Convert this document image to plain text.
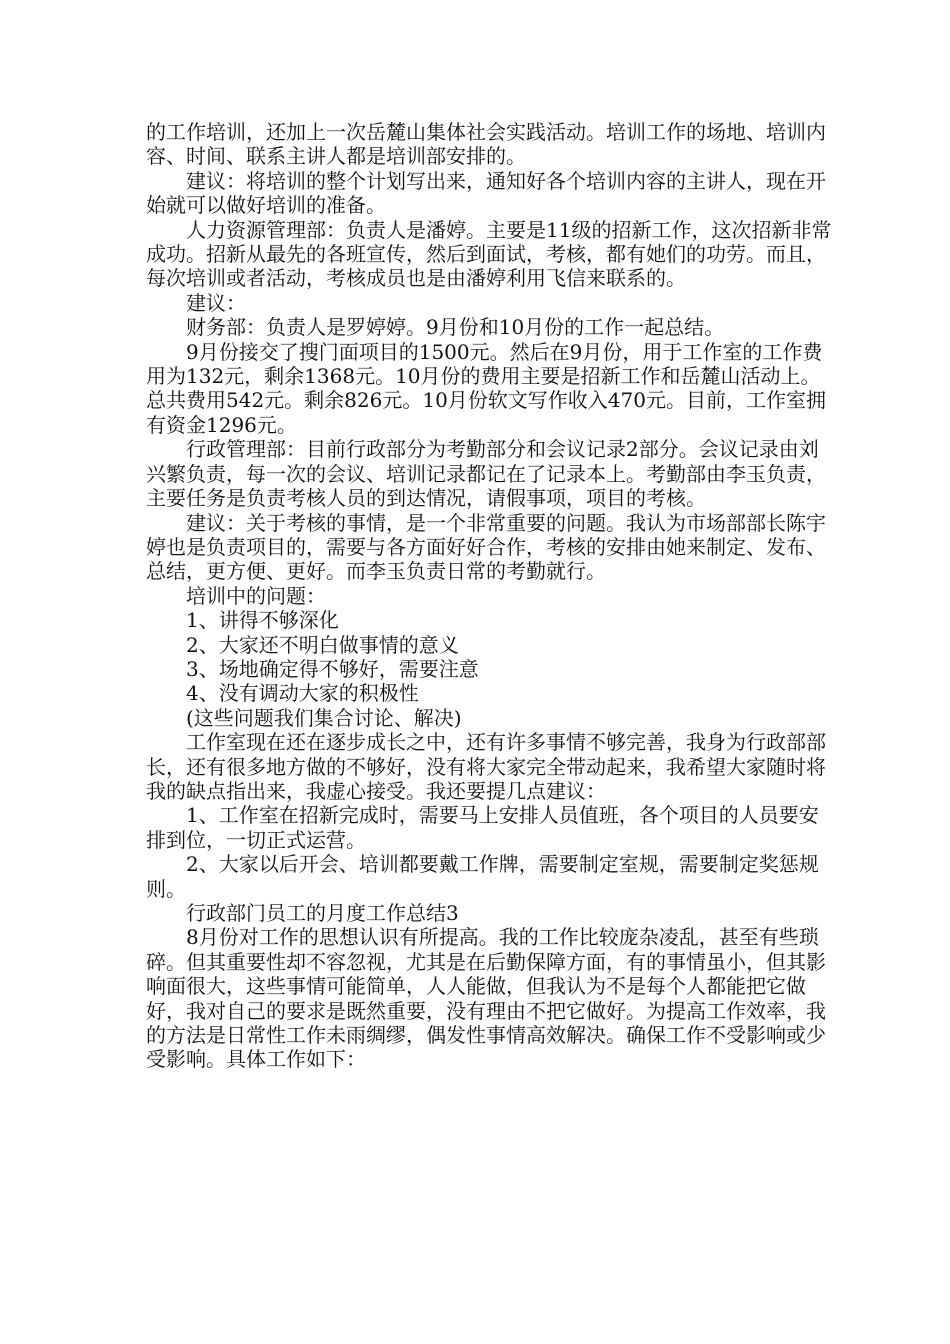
的工作培训，还加上一次岳麓山集体社会实践活动。培训工作的场地、培训内容、时间、联系主讲人都是培训部安排的。

　　建议：将培训的整个计划写出来，通知好各个培训内容的主讲人，现在开始就可以做好培训的准备。

　　人力资源管理部：负责人是潘婷。主要是11级的招新工作，这次招新非常成功。招新从最先的各班宣传，然后到面试，考核，都有她们的功劳。而且，每次培训或者活动，考核成员也是由潘婷利用飞信来联系的。

　　建议：

　　财务部：负责人是罗婷婷。9月份和10月份的工作一起总结。

　　9月份接交了搜门面项目的1500元。然后在9月份，用于工作室的工作费用为132元，剩余1368元。10月份的费用主要是招新工作和岳麓山活动上。总共费用542元。剩余826元。10月份软文写作收入470元。目前，工作室拥有资金1296元。

　　行政管理部：目前行政部分为考勤部分和会议记录2部分。会议记录由刘兴繁负责，每一次的会议、培训记录都记在了记录本上。考勤部由李玉负责，主要任务是负责考核人员的到达情况，请假事项，项目的考核。

　　建议：关于考核的事情，是一个非常重要的问题。我认为市场部部长陈宇婷也是负责项目的，需要与各方面好好合作，考核的安排由她来制定、发布、总结，更方便、更好。而李玉负责日常的考勤就行。

　　培训中的问题：

　　1、讲得不够深化

　　2、大家还不明白做事情的意义

　　3、场地确定得不够好，需要注意

　　4、没有调动大家的积极性

　　(这些问题我们集合讨论、解决)

　　工作室现在还在逐步成长之中，还有许多事情不够完善，我身为行政部部长，还有很多地方做的不够好，没有将大家完全带动起来，我希望大家随时将我的缺点指出来，我虚心接受。我还要提几点建议：

　　1、工作室在招新完成时，需要马上安排人员值班，各个项目的人员要安排到位，一切正式运营。

　　2、大家以后开会、培训都要戴工作牌，需要制定室规，需要制定奖惩规则。

　　行政部门员工的月度工作总结3

　　8月份对工作的思想认识有所提高。我的工作比较庞杂凌乱，甚至有些琐碎。但其重要性却不容忽视，尤其是在后勤保障方面，有的事情虽小，但其影响面很大，这些事情可能简单，人人能做，但我认为不是每个人都能把它做好，我对自己的要求是既然重要，没有理由不把它做好。为提高工作效率，我的方法是日常性工作未雨绸缪，偶发性事情高效解决。确保工作不受影响或少受影响。具体工作如下：
